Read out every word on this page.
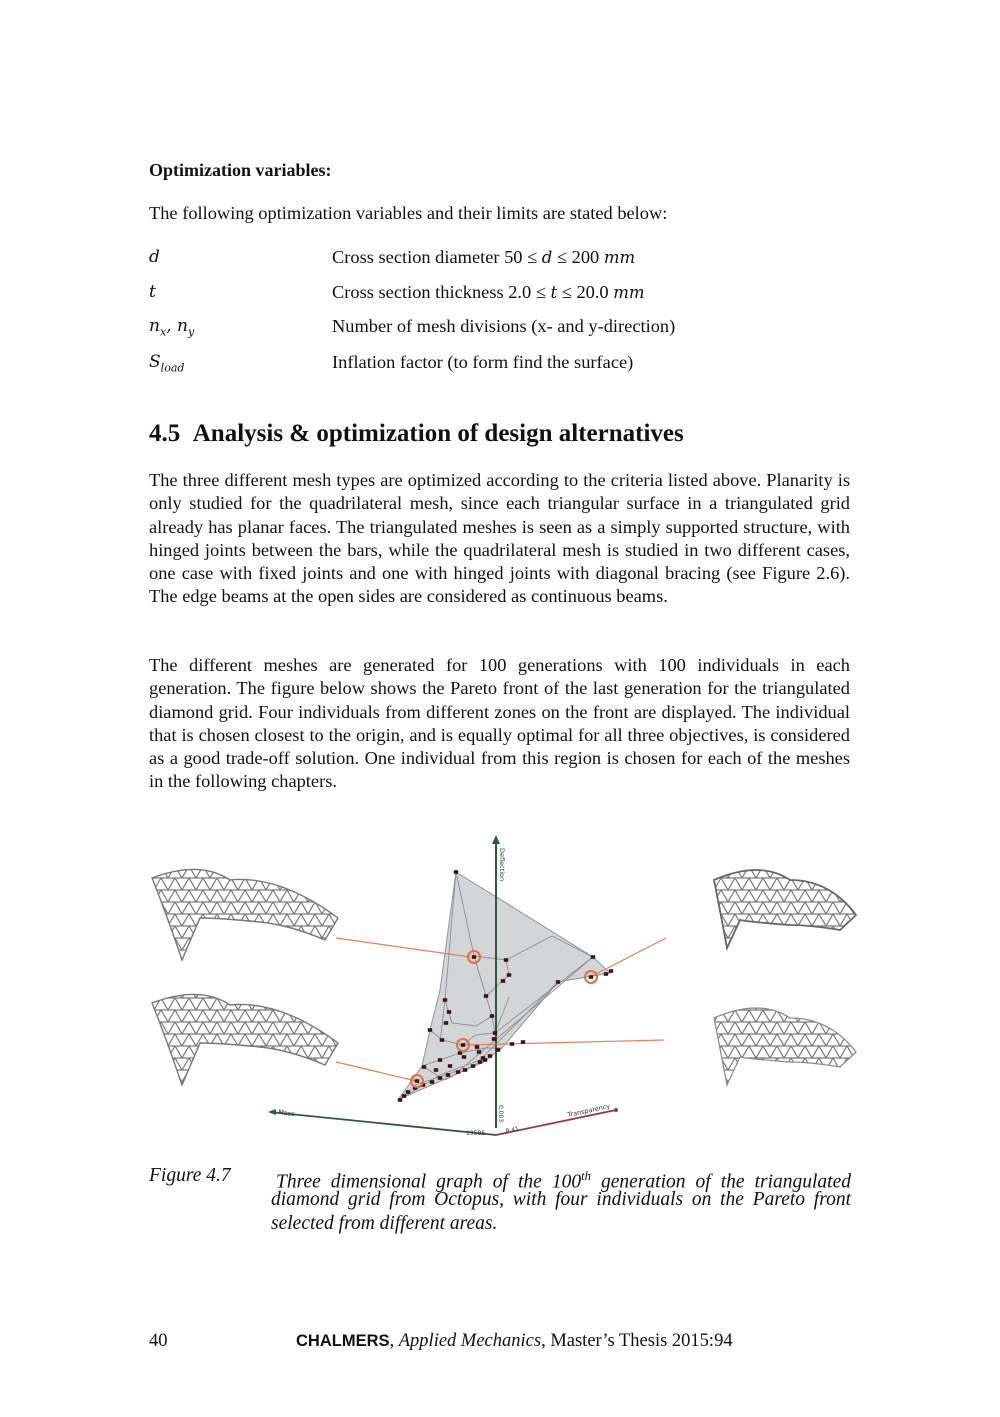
Optimization variables:
The following optimization variables and their limits are stated below:
d	Cross section diameter 50 ≤ d ≤ 200 mm
t	Cross section thickness 2.0 ≤ t ≤ 20.0 mm
$n_x$, $n_y$	Number of mesh divisions (x- and y-direction)
$S_{load}$	Inflation factor (to form find the surface)
4.5 Analysis & optimization of design alternatives

The three different mesh types are optimized according to the criteria listed above. Planarity is only studied for the quadrilateral mesh, since each triangular surface in a triangulated grid already has planar faces. The triangulated meshes is seen as a simply supported structure, with hinged joints between the bars, while the quadrilateral mesh is studied in two different cases, one case with fixed joints and one with hinged joints with diagonal bracing (see Figure 2.6). The edge beams at the open sides are considered as continuous beams.

The different meshes are generated for 100 generations with 100 individuals in each generation. The figure below shows the Pareto front of the last generation for the triangulated diamond grid. Four individuals from different zones on the front are displayed. The individual that is chosen closest to the origin, and is equally optimal for all three objectives, is considered as a good trade-off solution. One individual from this region is chosen for each of the meshes in the following chapters.

Deflection
Mass	Transparency
0.003
19586	0.41
Figure 4.7 Three dimensional graph of the 100th generation of the triangulated
diamond grid from Octopus, with four individuals on the Pareto front
selected from different areas.
40	CHALMERS, Applied Mechanics, Master’s Thesis 2015:94
